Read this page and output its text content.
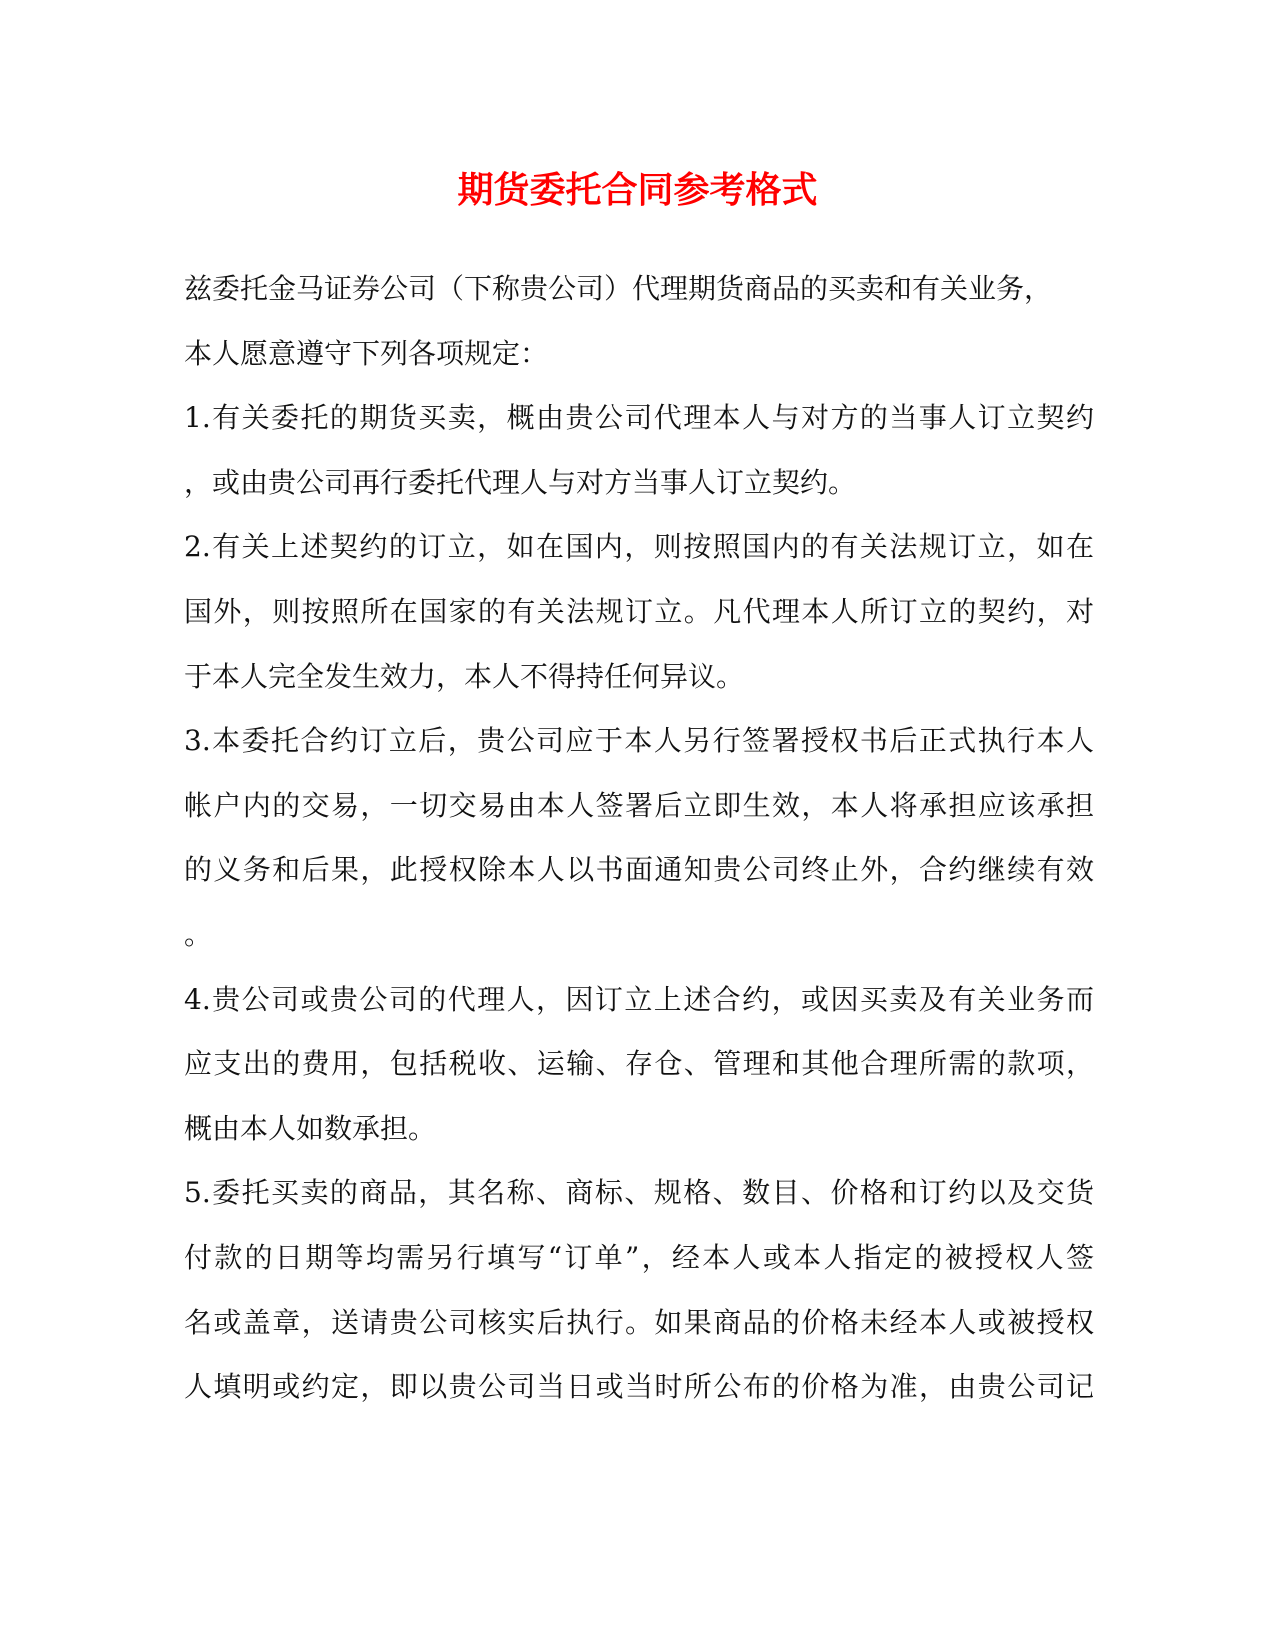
期货委托合同参考格式
兹委托金马证券公司（下称贵公司）代理期货商品的买卖和有关业务，
本人愿意遵守下列各项规定：
1.有关委托的期货买卖，概由贵公司代理本人与对方的当事人订立契约
，或由贵公司再行委托代理人与对方当事人订立契约。
2.有关上述契约的订立，如在国内，则按照国内的有关法规订立，如在
国外，则按照所在国家的有关法规订立。凡代理本人所订立的契约，对
于本人完全发生效力，本人不得持任何异议。
3.本委托合约订立后，贵公司应于本人另行签署授权书后正式执行本人
帐户内的交易，一切交易由本人签署后立即生效，本人将承担应该承担
的义务和后果，此授权除本人以书面通知贵公司终止外，合约继续有效
。
4.贵公司或贵公司的代理人，因订立上述合约，或因买卖及有关业务而
应支出的费用，包括税收、运输、存仓、管理和其他合理所需的款项，
概由本人如数承担。
5.委托买卖的商品，其名称、商标、规格、数目、价格和订约以及交货
付款的日期等均需另行填写“订单”，经本人或本人指定的被授权人签
名或盖章，送请贵公司核实后执行。如果商品的价格未经本人或被授权
人填明或约定，即以贵公司当日或当时所公布的价格为准，由贵公司记
